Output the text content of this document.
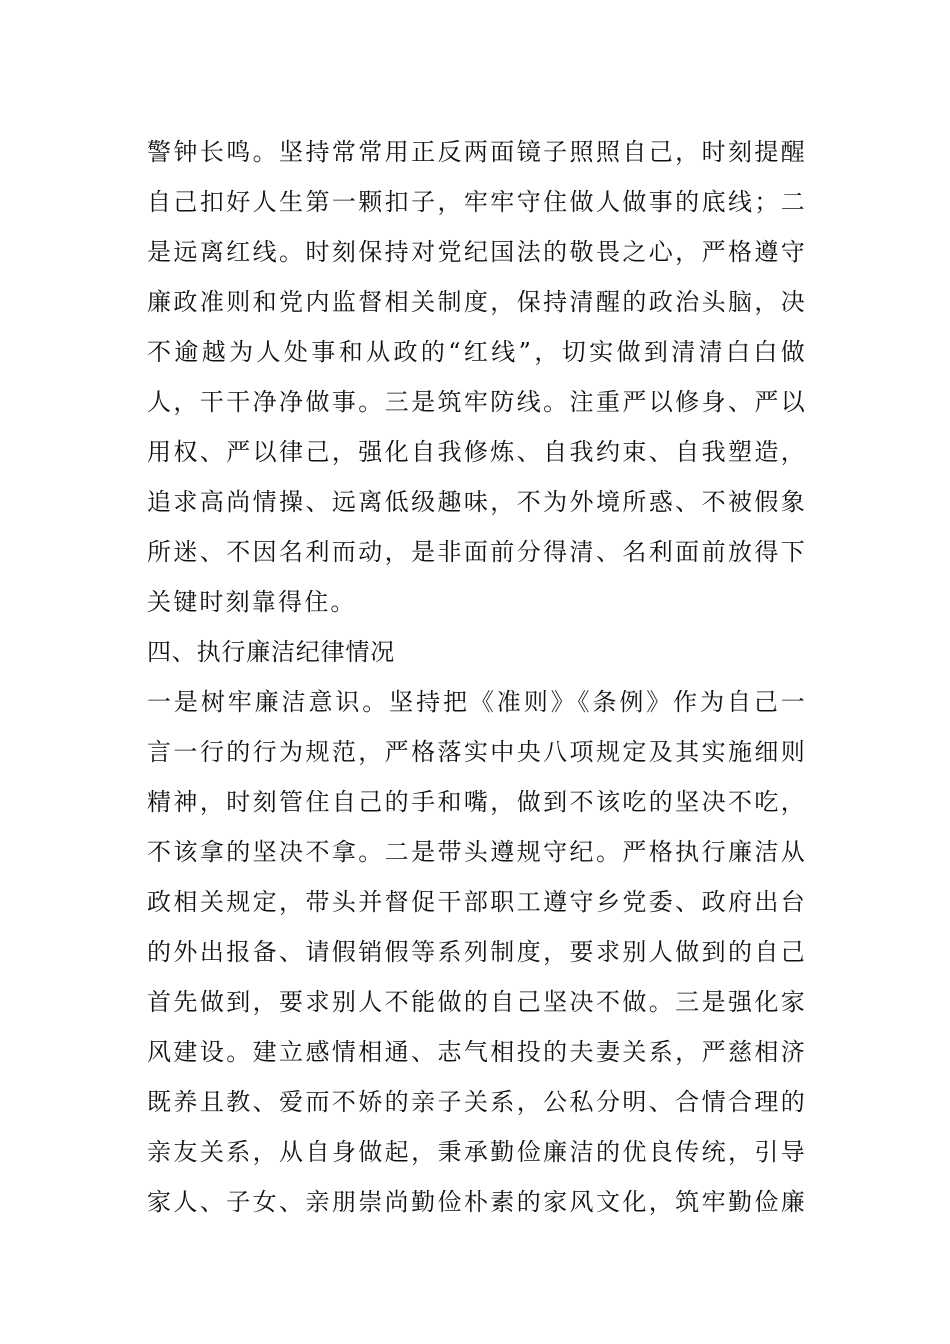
警钟长鸣。坚持常常用正反两面镜子照照自己，时刻提醒
自己扣好人生第一颗扣子，牢牢守住做人做事的底线；二
是远离红线。时刻保持对党纪国法的敬畏之心，严格遵守
廉政准则和党内监督相关制度，保持清醒的政治头脑，决
不逾越为人处事和从政的“红线”，切实做到清清白白做
人，干干净净做事。三是筑牢防线。注重严以修身、严以
用权、严以律己，强化自我修炼、自我约束、自我塑造，
追求高尚情操、远离低级趣味，不为外境所惑、不被假象
所迷、不因名利而动，是非面前分得清、名利面前放得下
关键时刻靠得住。
四、执行廉洁纪律情况
一是树牢廉洁意识。坚持把《准则》《条例》作为自己一
言一行的行为规范，严格落实中央八项规定及其实施细则
精神，时刻管住自己的手和嘴，做到不该吃的坚决不吃，
不该拿的坚决不拿。二是带头遵规守纪。严格执行廉洁从
政相关规定，带头并督促干部职工遵守乡党委、政府出台
的外出报备、请假销假等系列制度，要求别人做到的自己
首先做到，要求别人不能做的自己坚决不做。三是强化家
风建设。建立感情相通、志气相投的夫妻关系，严慈相济
既养且教、爱而不娇的亲子关系，公私分明、合情合理的
亲友关系，从自身做起，秉承勤俭廉洁的优良传统，引导
家人、子女、亲朋崇尚勤俭朴素的家风文化，筑牢勤俭廉
